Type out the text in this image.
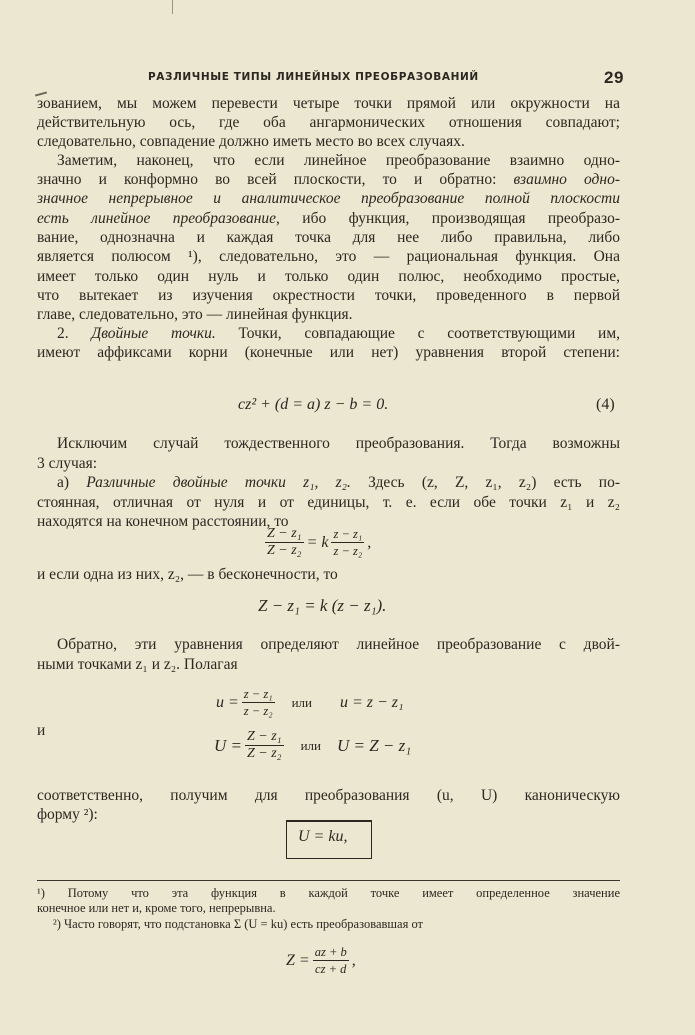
РАЗЛИЧНЫЕ ТИПЫ ЛИНЕЙНЫХ ПРЕОБРАЗОВАНИЙ	29
зованием, мы можем перевести четыре точки прямой или окружности на
действительную ось, где оба ангармонических отношения совпадают;
следовательно, совпадение должно иметь место во всех случаях.
Заметим, наконец, что если линейное преобразование взаимно одно-
значно и конформно во всей плоскости, то и обратно: взаимно одно-
значное непрерывное и аналитическое преобразование полной плоскости
есть линейное преобразование, ибо функция, производящая преобразо-
вание, однозначна и каждая точка для нее либо правильна, либо
является полюсом ¹), следовательно, это — рациональная функция. Она
имеет только один нуль и только один полюс, необходимо простые,
что вытекает из изучения окрестности точки, проведенного в первой
главе, следовательно, это — линейная функция.
2. Двойные точки. Точки, совпадающие с соответствующими им,
имеют аффиксами корни (конечные или нет) уравнения второй степени:
Исключим случай тождественного преобразования. Тогда возможны
3 случая:
а) Различные двойные точки z₁, z₂. Здесь (z, Z, z₁, z₂) есть по-
стоянная, отличная от нуля и от единицы, т. е. если обе точки z₁ и z₂
находятся на конечном расстоянии, то
и если одна из них, z₂, — в бесконечности, то
Обратно, эти уравнения определяют линейное преобразование с двой-
ными точками z₁ и z₂. Полагая
и
соответственно, получим для преобразования (u, U) каноническую
форму ²):
cz² + (d = a) z − b = 0.	(4)
$\frac{\text{Z − z₁}}{\text{Z − z₂}} = k \frac{\text{z − z₁}}{\text{z − z₂}}$ ,
Z − z₁ = k (z − z₁).
$u = \frac{\text{z − z₁}}{\text{z − z₂}}$ или u = z − z₁
$U = \frac{\text{Z − z₁}}{\text{Z − z₂}}$ или U = Z − z₁
U = ku,
¹) Потому что эта функция в каждой точке имеет определенное значение
конечное или нет и, кроме того, непрерывна.
²) Часто говорят, что подстановка Σ (U = ku) есть преобразовавшая от
$Z = \frac{az + b}{cz + d}$ ,
